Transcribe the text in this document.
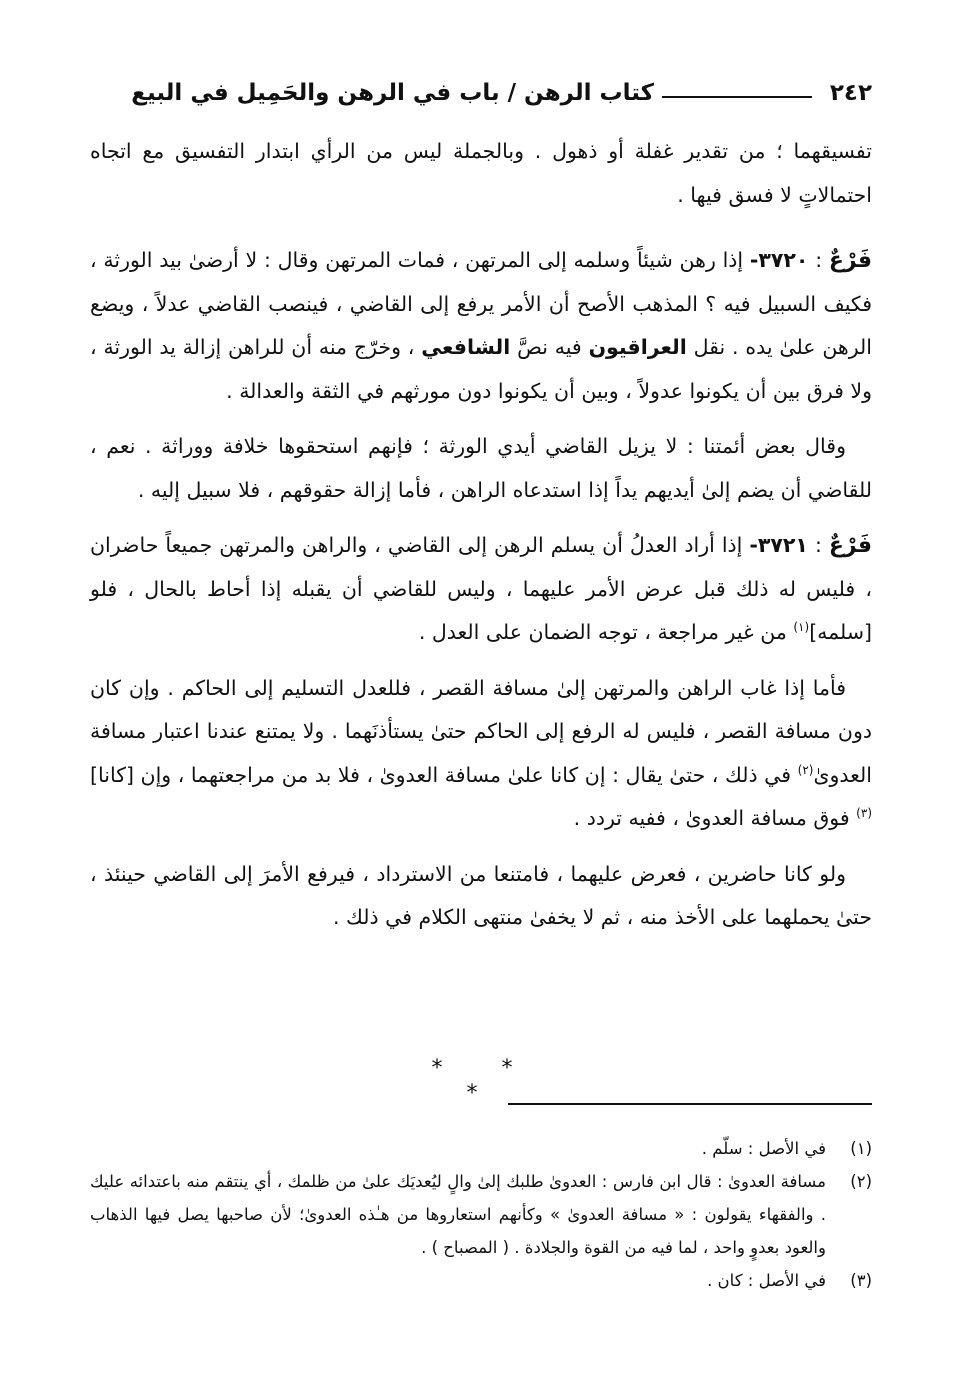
٢٤٢
كتاب الرهن / باب في الرهن والحَمِيل في البيع

تفسيقهما ؛ من تقدير غفلة أو ذهول . وبالجملة ليس من الرأي ابتدار التفسيق مع اتجاه احتمالاتٍ لا فسق فيها .

فَرْعٌ : ٣٧٢٠- إذا رهن شيئاً وسلمه إلى المرتهن ، فمات المرتهن وقال : لا أرضىٰ بيد الورثة ، فكيف السبيل فيه ؟ المذهب الأصح أن الأمر يرفع إلى القاضي ، فينصب القاضي عدلاً ، ويضع الرهن علىٰ يده . نقل العراقيون فيه نصَّ الشافعي ، وخرّج منه أن للراهن إزالة يد الورثة ، ولا فرق بين أن يكونوا عدولاً ، وبين أن يكونوا دون مورثهم في الثقة والعدالة .

وقال بعض أئمتنا : لا يزيل القاضي أيدي الورثة ؛ فإنهم استحقوها خلافة ووراثة . نعم ، للقاضي أن يضم إلىٰ أيديهم يداً إذا استدعاه الراهن ، فأما إزالة حقوقهم ، فلا سبيل إليه .

فَرْعٌ : ٣٧٢١- إذا أراد العدلُ أن يسلم الرهن إلى القاضي ، والراهن والمرتهن جميعاً حاضران ، فليس له ذلك قبل عرض الأمر عليهما ، وليس للقاضي أن يقبله إذا أحاط بالحال ، فلو [سلمه]$^{(١)}$ من غير مراجعة ، توجه الضمان على العدل .

فأما إذا غاب الراهن والمرتهن إلىٰ مسافة القصر ، فللعدل التسليم إلى الحاكم . وإن كان دون مسافة القصر ، فليس له الرفع إلى الحاكم حتىٰ يستأذنَهما . ولا يمتنع عندنا اعتبار مسافة العدوىٰ$^{(٢)}$ في ذلك ، حتىٰ يقال : إن كانا علىٰ مسافة العدوىٰ ، فلا بد من مراجعتهما ، وإن [كانا]$^{(٣)}$ فوق مسافة العدوىٰ ، ففيه تردد .

ولو كانا حاضرين ، فعرض عليهما ، فامتنعا من الاسترداد ، فيرفع الأمرَ إلى القاضي حينئذ ، حتىٰ يحملهما على الأخذ منه ، ثم لا يخفىٰ منتهى الكلام في ذلك .

* * *
(١)
في الأصل : سلّم .
(٢)
مسافة العدوىٰ : قال ابن فارس : العدوىٰ طلبك إلىٰ والٍ ليُعديَك علىٰ من ظلمك ، أي ينتقم منه باعتدائه عليك . والفقهاء يقولون : « مسافة العدوىٰ » وكأنهم استعاروها من هـٰذه العدوىٰ؛ لأن صاحبها يصل فيها الذهاب والعود بعدوٍ واحد ، لما فيه من القوة والجلادة . ( المصباح ) .
(٣)
في الأصل : كان .
